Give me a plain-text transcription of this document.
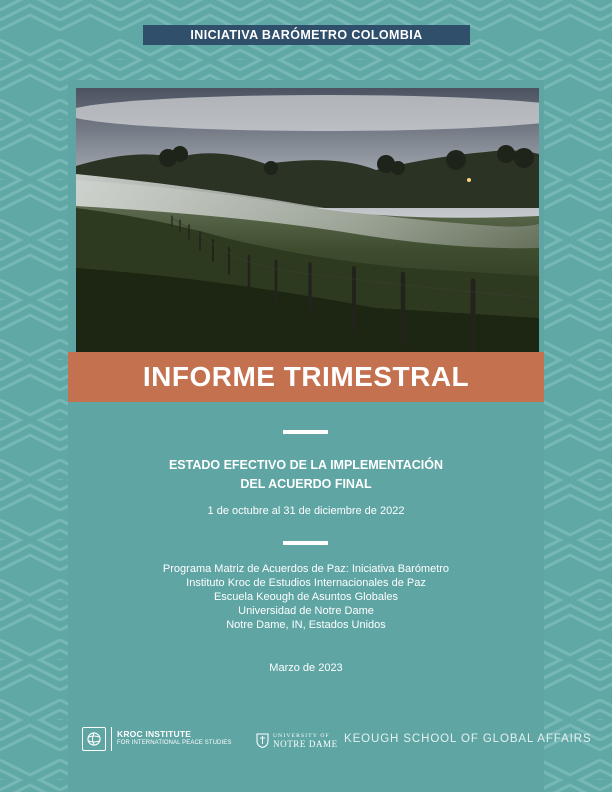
INICIATIVA BARÓMETRO COLOMBIA
INFORME TRIMESTRAL
ESTADO EFECTIVO DE LA IMPLEMENTACIÓN
DEL ACUERDO FINAL
1 de octubre al 31 de diciembre de 2022
Programa Matriz de Acuerdos de Paz: Iniciativa Barómetro
Instituto Kroc de Estudios Internacionales de Paz
Escuela Keough de Asuntos Globales
Universidad de Notre Dame
Notre Dame, IN, Estados Unidos
Marzo de 2023
KROC INSTITUTE
FOR INTERNATIONAL PEACE STUDIES
UNIVERSITY OF
NOTRE DAME KEOUGH SCHOOL OF GLOBAL AFFAIRS
